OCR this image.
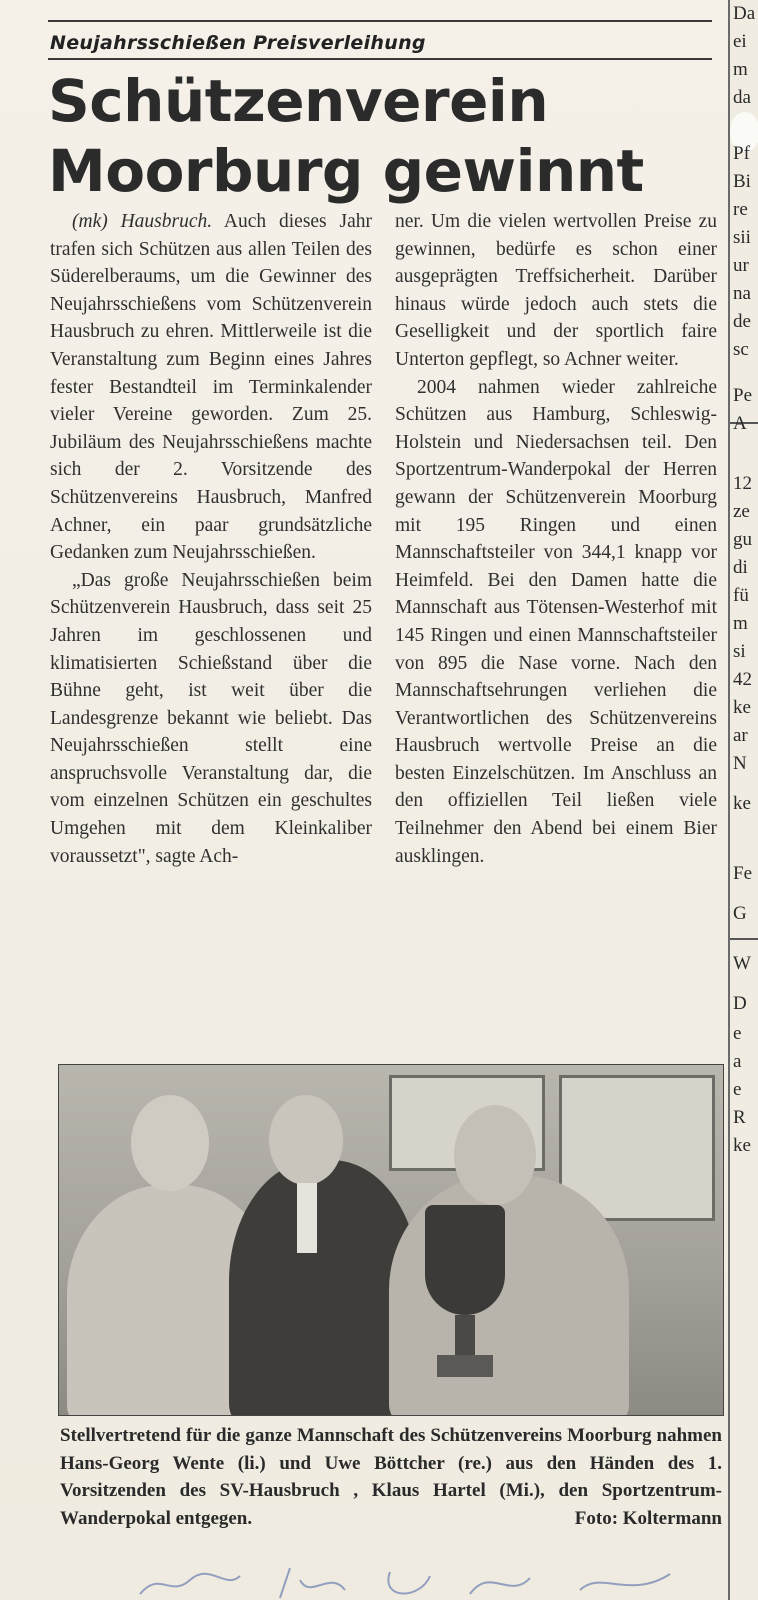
Neujahrsschießen Preisverleihung
Schützenverein
Moorburg gewinnt

(mk) Hausbruch. Auch dieses Jahr trafen sich Schützen aus allen Teilen des Süderelberaums, um die Gewinner des Neujahrsschießens vom Schützenverein Hausbruch zu ehren. Mittlerweile ist die Veranstaltung zum Beginn eines Jahres fester Bestandteil im Terminkalender vieler Vereine geworden. Zum 25. Jubiläum des Neujahrsschießens machte sich der 2. Vorsitzende des Schützenvereins Hausbruch, Manfred Achner, ein paar grundsätzliche Gedanken zum Neujahrsschießen.

„Das große Neujahrsschießen beim Schützenverein Hausbruch, dass seit 25 Jahren im geschlossenen und klimatisierten Schießstand über die Bühne geht, ist weit über die Landesgrenze bekannt wie beliebt. Das Neujahrsschießen stellt eine anspruchsvolle Veranstaltung dar, die vom einzelnen Schützen ein geschultes Umgehen mit dem Kleinkaliber voraussetzt", sagte Ach-

ner. Um die vielen wertvollen Preise zu gewinnen, bedürfe es schon einer ausgeprägten Treffsicherheit. Darüber hinaus würde jedoch auch stets die Geselligkeit und der sportlich faire Unterton gepflegt, so Achner weiter.

2004 nahmen wieder zahlreiche Schützen aus Hamburg, Schleswig-Holstein und Niedersachsen teil. Den Sportzentrum-Wanderpokal der Herren gewann der Schützenverein Moorburg mit 195 Ringen und einen Mannschaftsteiler von 344,1 knapp vor Heimfeld. Bei den Damen hatte die Mannschaft aus Tötensen-Westerhof mit 145 Ringen und einen Mannschaftsteiler von 895 die Nase vorne. Nach den Mannschaftsehrungen verliehen die Verantwortlichen des Schützenvereins Hausbruch wertvolle Preise an die besten Einzelschützen. Im Anschluss an den offiziellen Teil ließen viele Teilnehmer den Abend bei einem Bier ausklingen.

Stellvertretend für die ganze Mannschaft des Schützenvereins Moorburg nahmen Hans-Georg Wente (li.) und Uwe Böttcher (re.) aus den Händen des 1. Vorsitzenden des SV-Hausbruch , Klaus Hartel (Mi.), den Sportzentrum-Wanderpokal entgegen.	Foto: Koltermann
Da
ei
m
da
Pf
Bi
re
sii
ur
na
de
sc
Pe
A
12
ze
gu
di
fü
m
si
42
ke
ar
N
ke
Fe
G
W
D
e
a
e
R
ke
